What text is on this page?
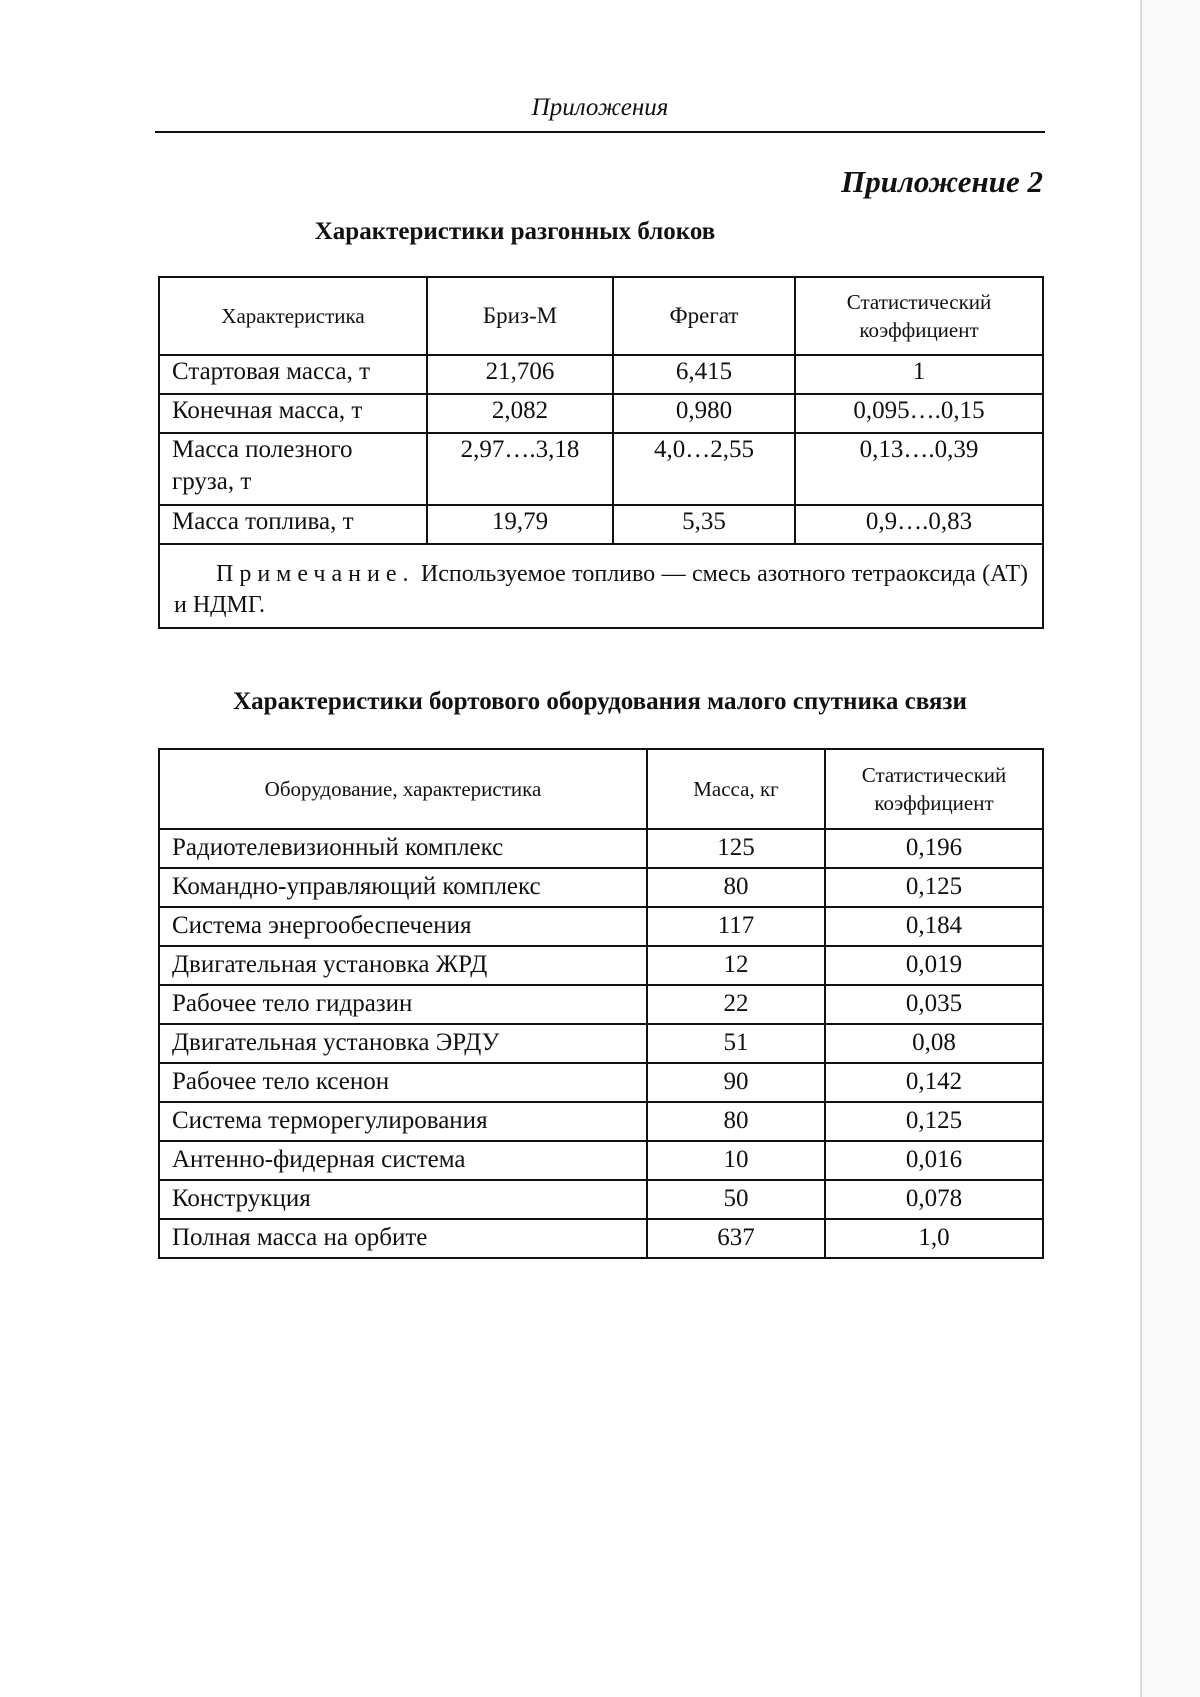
Приложения
Приложение 2
Характеристики разгонных блоков
Характеристика	Бриз-М	Фрегат	Статистический коэффициент
Стартовая масса, т	21,706	6,415	1
Конечная масса, т	2,082	0,980	0,095….0,15
Масса полезного груза, т	2,97….3,18	4,0…2,55	0,13….0,39
Масса топлива, т	19,79	5,35	0,9….0,83
Примечание. Используемое топливо — смесь азотного тетраоксида (АТ) и НДМГ.			
Характеристики бортового оборудования малого спутника связи
Оборудование, характеристика	Масса, кг	Статистический коэффициент
Радиотелевизионный комплекс	125	0,196
Командно-управляющий комплекс	80	0,125
Система энергообеспечения	117	0,184
Двигательная установка ЖРД	12	0,019
Рабочее тело гидразин	22	0,035
Двигательная установка ЭРДУ	51	0,08
Рабочее тело ксенон	90	0,142
Система терморегулирования	80	0,125
Антенно-фидерная система	10	0,016
Конструкция	50	0,078
Полная масса на орбите	637	1,0
